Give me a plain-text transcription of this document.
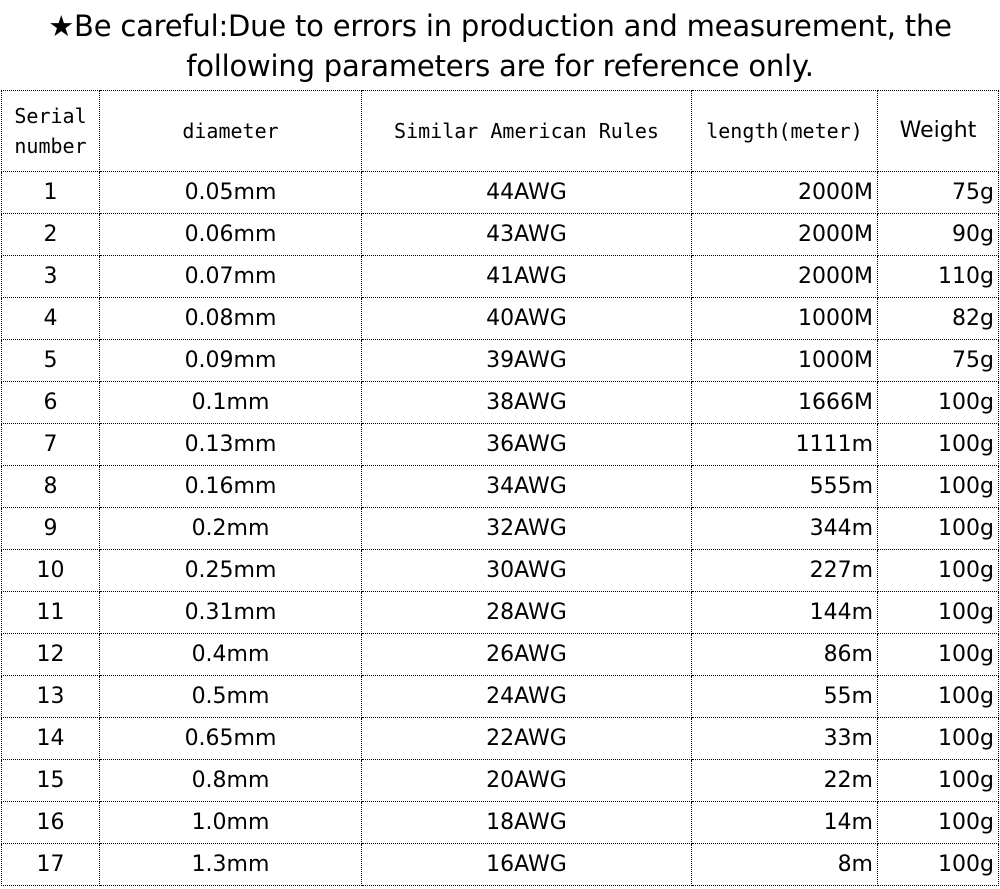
★Be careful:Due to errors in production and measurement, the
following parameters are for reference only.
Serial
number	diameter	Similar American Rules	length(meter)	Weight
1	0.05mm	44AWG	2000M	75g
2	0.06mm	43AWG	2000M	90g
3	0.07mm	41AWG	2000M	110g
4	0.08mm	40AWG	1000M	82g
5	0.09mm	39AWG	1000M	75g
6	0.1mm	38AWG	1666M	100g
7	0.13mm	36AWG	1111m	100g
8	0.16mm	34AWG	555m	100g
9	0.2mm	32AWG	344m	100g
10	0.25mm	30AWG	227m	100g
11	0.31mm	28AWG	144m	100g
12	0.4mm	26AWG	86m	100g
13	0.5mm	24AWG	55m	100g
14	0.65mm	22AWG	33m	100g
15	0.8mm	20AWG	22m	100g
16	1.0mm	18AWG	14m	100g
17	1.3mm	16AWG	8m	100g
